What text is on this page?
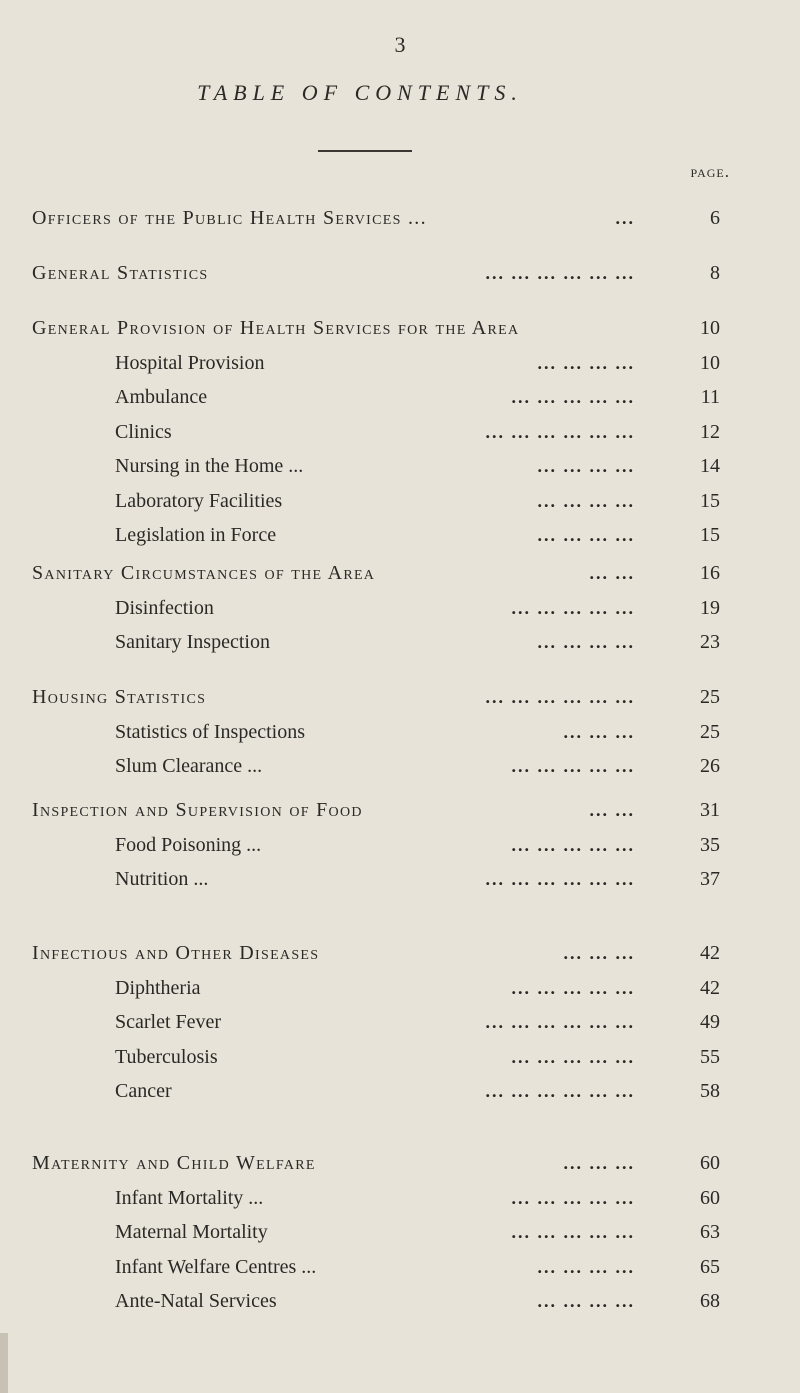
3
TABLE OF CONTENTS.
page.
Officers of the Public Health Services ...	...	6
General Statistics	... ... ... ... ... ...	8
General Provision of Health Services for the Area	10
Hospital Provision	... ... ... ...	10
Ambulance	... ... ... ... ...	11
Clinics	... ... ... ... ... ...	12
Nursing in the Home ...	... ... ... ...	14
Laboratory Facilities	... ... ... ...	15
Legislation in Force	... ... ... ...	15
Sanitary Circumstances of the Area	... ...	16
Disinfection	... ... ... ... ...	19
Sanitary Inspection	... ... ... ...	23
Housing Statistics	... ... ... ... ... ...	25
Statistics of Inspections	... ... ...	25
Slum Clearance ...	... ... ... ... ...	26
Inspection and Supervision of Food	... ...	31
Food Poisoning ...	... ... ... ... ...	35
Nutrition ...	... ... ... ... ... ...	37
Infectious and Other Diseases	... ... ...	42
Diphtheria	... ... ... ... ...	42
Scarlet Fever	... ... ... ... ... ...	49
Tuberculosis	... ... ... ... ...	55
Cancer	... ... ... ... ... ...	58
Maternity and Child Welfare	... ... ...	60
Infant Mortality ...	... ... ... ... ...	60
Maternal Mortality	... ... ... ... ...	63
Infant Welfare Centres ...	... ... ... ...	65
Ante-Natal Services	... ... ... ...	68
